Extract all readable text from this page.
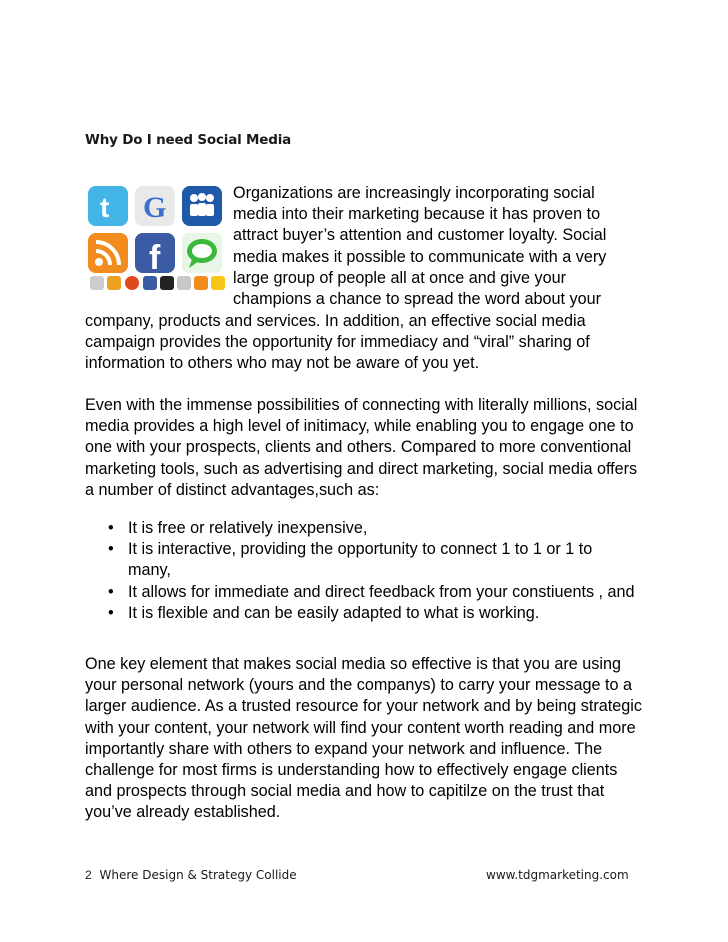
Why Do I need Social Media
t G
f
Organizations are increasingly incorporating social media into their marketing because it has proven to attract buyer’s attention and customer loyalty. Social media makes it possible to communicate with a very large group of people all at once and give your champions a chance to spread the word about your
company, products and services. In addition, an effective social media campaign provides the opportunity for immediacy and “viral” sharing of information to others who may not be aware of you yet.
Even with the immense possibilities of connecting with literally millions, social media provides a high level of initimacy, while enabling you to engage one to one with your prospects, clients and others. Compared to more conventional marketing tools, such as advertising and direct marketing, social media offers a number of distinct advantages,such as:
• It is free or relatively inexpensive,
• It is interactive, providing the opportunity to connect 1 to 1 or 1 to many,
• It allows for immediate and direct feedback from your constiuents , and
• It is flexible and can be easily adapted to what is working.
One key element that makes social media so effective is that you are using your personal network (yours and the companys) to carry your message to a larger audience. As a trusted resource for your network and by being strategic with your content, your network will find your content worth reading and more importantly share with others to expand your network and influence. The challenge for most firms is understanding how to effectively engage clients and prospects through social media and how to capitilze on the trust that you’ve already established.
2 Where Design & Strategy Collide	www.tdgmarketing.com
